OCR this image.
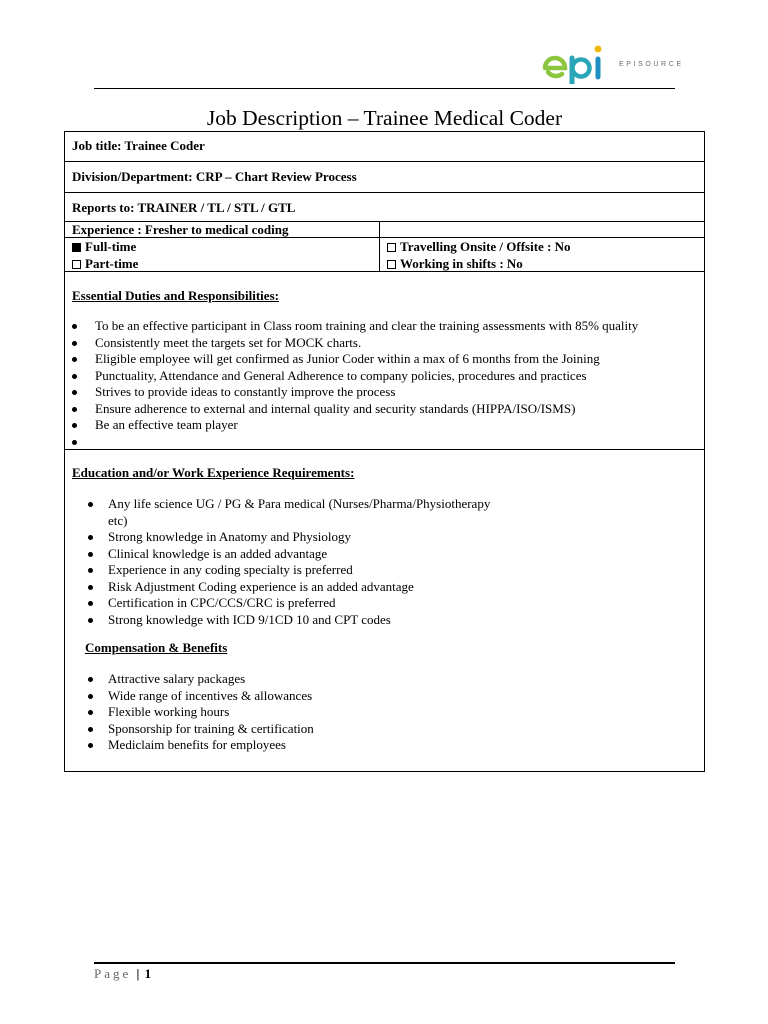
EPISOURCE
Job Description – Trainee Medical Coder
Job title: Trainee Coder
Division/Department: CRP – Chart Review Process
Reports to: TRAINER / TL / STL / GTL
Experience : Fresher to medical coding
Full-time
Part-time
Travelling Onsite / Offsite : No
Working in shifts : No
Essential Duties and Responsibilities:
To be an effective participant in Class room training and clear the training assessments with 85% quality
Consistently meet the targets set for MOCK charts.
Eligible employee will get confirmed as Junior Coder within a max of 6 months from the Joining
Punctuality, Attendance and General Adherence to company policies, procedures and practices
Strives to provide ideas to constantly improve the process
Ensure adherence to external and internal quality and security standards (HIPPA/ISO/ISMS)
Be an effective team player

Education and/or Work Experience Requirements:
Any life science UG / PG & Para medical (Nurses/Pharma/Physiotherapy
etc)
Strong knowledge in Anatomy and Physiology
Clinical knowledge is an added advantage
Experience in any coding specialty is preferred
Risk Adjustment Coding experience is an added advantage
Certification in CPC/CCS/CRC is preferred
Strong knowledge with ICD 9/1CD 10 and CPT codes
Compensation & Benefits
Attractive salary packages
Wide range of incentives & allowances
Flexible working hours
Sponsorship for training & certification
Mediclaim benefits for employees
Page | 1
